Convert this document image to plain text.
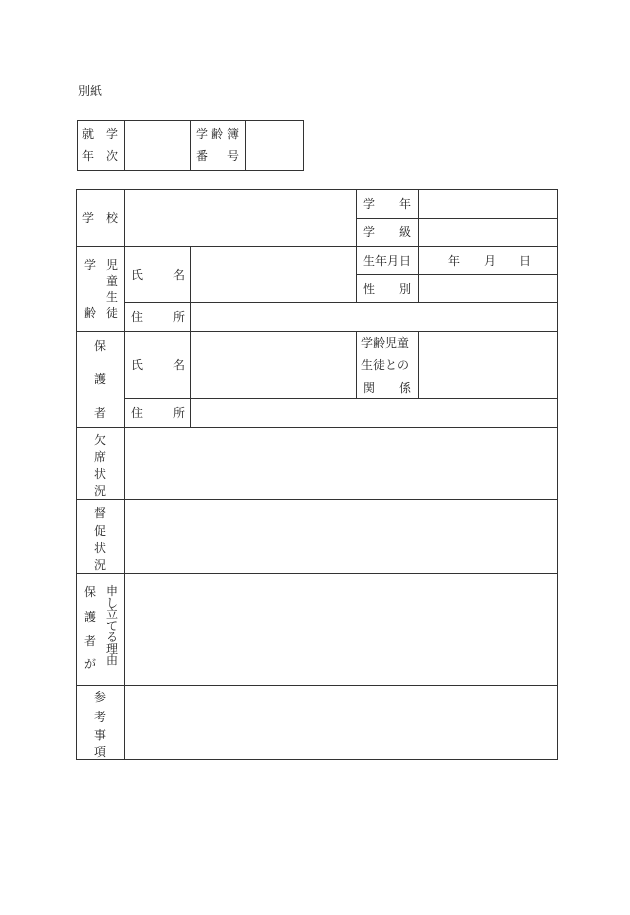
別紙
就 学
年 次
学 齢 簿
番 号
学 校
学 年
学 級
学
齢
児
童
生
徒
氏 名
生年月日	年 月 日
性 別
住 所
保
護
者
氏 名
学齢児童
生徒との
関 係
住 所
欠
席
状
況
督
促
状
況
保
護
者
が
申し立てる理由
参
考
事
項
